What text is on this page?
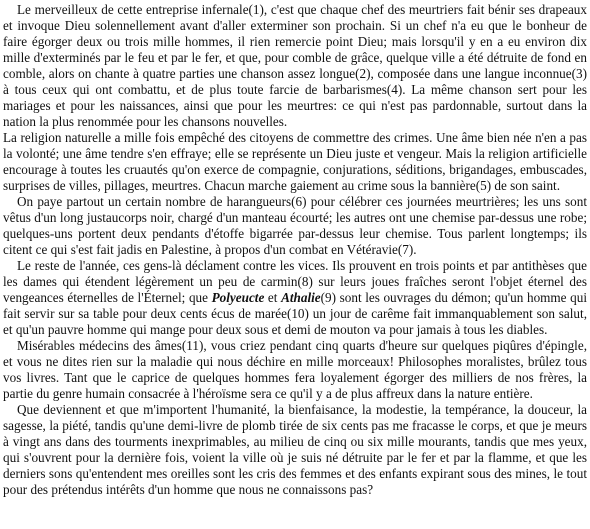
Le merveilleux de cette entreprise infernale(1), c'est que chaque chef des meurtriers fait bénir ses drapeaux et invoque Dieu solennellement avant d'aller exterminer son prochain. Si un chef n'a eu que le bonheur de faire égorger deux ou trois mille hommes, il rien remercie point Dieu; mais lorsqu'il y en a eu environ dix mille d'exterminés par le feu et par le fer, et que, pour comble de grâce, quelque ville a été détruite de fond en comble, alors on chante à quatre parties une chanson assez longue(2), composée dans une langue inconnue(3) à tous ceux qui ont combattu, et de plus toute farcie de barbarismes(4). La même chanson sert pour les mariages et pour les naissances, ainsi que pour les meurtres: ce qui n'est pas pardonnable, surtout dans la nation la plus renommée pour les chansons nouvelles.

La religion naturelle a mille fois empêché des citoyens de commettre des crimes. Une âme bien née n'en a pas la volonté; une âme tendre s'en effraye; elle se représente un Dieu juste et vengeur. Mais la religion artificielle encourage à toutes les cruautés qu'on exerce de compagnie, conjurations, séditions, brigandages, embuscades, surprises de villes, pillages, meurtres. Chacun marche gaiement au crime sous la bannière(5) de son saint.

On paye partout un certain nombre de harangueurs(6) pour célébrer ces journées meurtrières; les uns sont vêtus d'un long justaucorps noir, chargé d'un manteau écourté; les autres ont une chemise par-dessus une robe; quelques-uns portent deux pendants d'étoffe bigarrée par-dessus leur chemise. Tous parlent longtemps; ils citent ce qui s'est fait jadis en Palestine, à propos d'un combat en Vétéravie(7).

Le reste de l'année, ces gens-là déclament contre les vices. Ils prouvent en trois points et par antithèses que les dames qui étendent légèrement un peu de carmin(8) sur leurs joues fraîches seront l'objet éternel des vengeances éternelles de l'Éternel; que Polyeucte et Athalie(9) sont les ouvrages du démon; qu'un homme qui fait servir sur sa table pour deux cents écus de marée(10) un jour de carême fait immanquablement son salut, et qu'un pauvre homme qui mange pour deux sous et demi de mouton va pour jamais à tous les diables.

Misérables médecins des âmes(11), vous criez pendant cinq quarts d'heure sur quelques piqûres d'épingle, et vous ne dites rien sur la maladie qui nous déchire en mille morceaux! Philosophes moralistes, brûlez tous vos livres. Tant que le caprice de quelques hommes fera loyalement égorger des milliers de nos frères, la partie du genre humain consacrée à l'héroïsme sera ce qu'il y a de plus affreux dans la nature entière.

Que deviennent et que m'importent l'humanité, la bienfaisance, la modestie, la tempérance, la douceur, la sagesse, la piété, tandis qu'une demi-livre de plomb tirée de six cents pas me fracasse le corps, et que je meurs à vingt ans dans des tourments inexprimables, au milieu de cinq ou six mille mourants, tandis que mes yeux, qui s'ouvrent pour la dernière fois, voient la ville où je suis né détruite par le fer et par la flamme, et que les derniers sons qu'entendent mes oreilles sont les cris des femmes et des enfants expirant sous des mines, le tout pour des prétendus intérêts d'un homme que nous ne connaissons pas?
